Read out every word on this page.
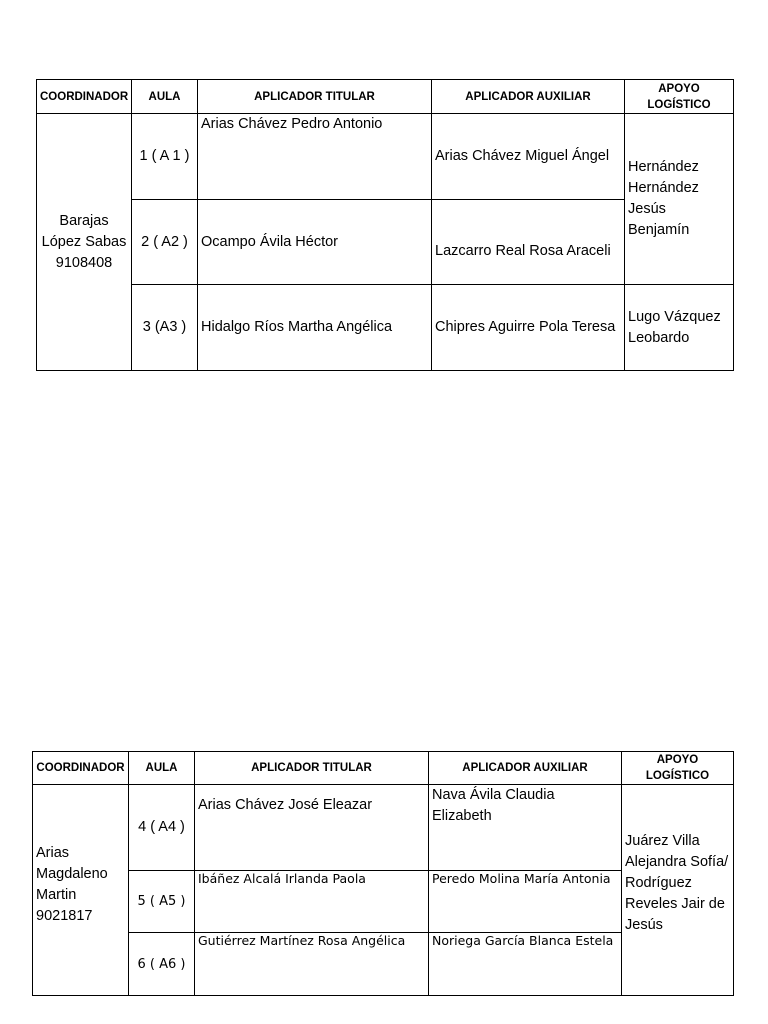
COORDINADOR	AULA	APLICADOR TITULAR	APLICADOR AUXILIAR	APOYO LOGÍSTICO
Barajas López Sabas 9108408	1 ( A 1 )	Arias Chávez Pedro Antonio	Arias Chávez Miguel Ángel	Hernández Hernández Jesús Benjamín
	2 ( A2 )	Ocampo Ávila Héctor	Lazcarro Real Rosa Araceli	
	3 (A3 )	Hidalgo Ríos Martha Angélica	Chipres Aguirre Pola Teresa	Lugo Vázquez Leobardo
COORDINADOR	AULA	APLICADOR TITULAR	APLICADOR AUXILIAR	APOYO LOGÍSTICO
Arias Magdaleno Martin 9021817	4 ( A4 )	Arias Chávez José Eleazar	Nava Ávila Claudia Elizabeth	Juárez Villa Alejandra Sofía/ Rodríguez Reveles Jair de Jesús
	5 ( A5 )	Ibáñez Alcalá Irlanda Paola	Peredo Molina María Antonia	
	6 ( A6 )	Gutiérrez Martínez Rosa Angélica	Noriega García Blanca Estela	
